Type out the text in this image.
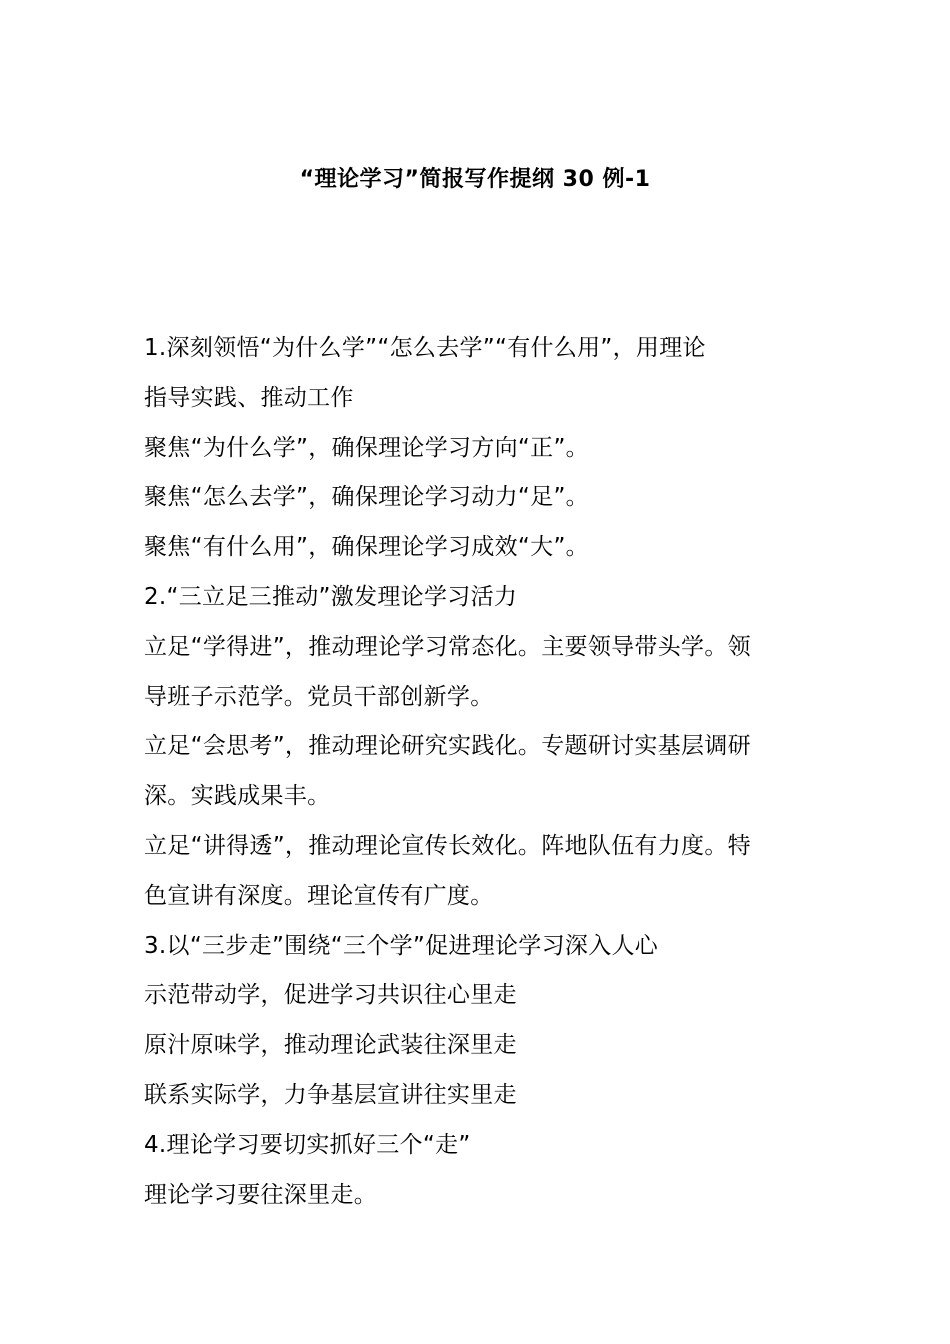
“理论学习”简报写作提纲 30 例-1
1.深刻领悟“为什么学”“怎么去学”“有什么用”，用理论
指导实践、推动工作
聚焦“为什么学”，确保理论学习方向“正”。
聚焦“怎么去学”，确保理论学习动力“足”。
聚焦“有什么用”，确保理论学习成效“大”。
2.“三立足三推动”激发理论学习活力
立足“学得进”，推动理论学习常态化。主要领导带头学。领
导班子示范学。党员干部创新学。
立足“会思考”，推动理论研究实践化。专题研讨实基层调研
深。实践成果丰。
立足“讲得透”，推动理论宣传长效化。阵地队伍有力度。特
色宣讲有深度。理论宣传有广度。
3.以“三步走”围绕“三个学”促进理论学习深入人心
示范带动学，促进学习共识往心里走
原汁原味学，推动理论武装往深里走
联系实际学，力争基层宣讲往实里走
4.理论学习要切实抓好三个“走”
理论学习要往深里走。
